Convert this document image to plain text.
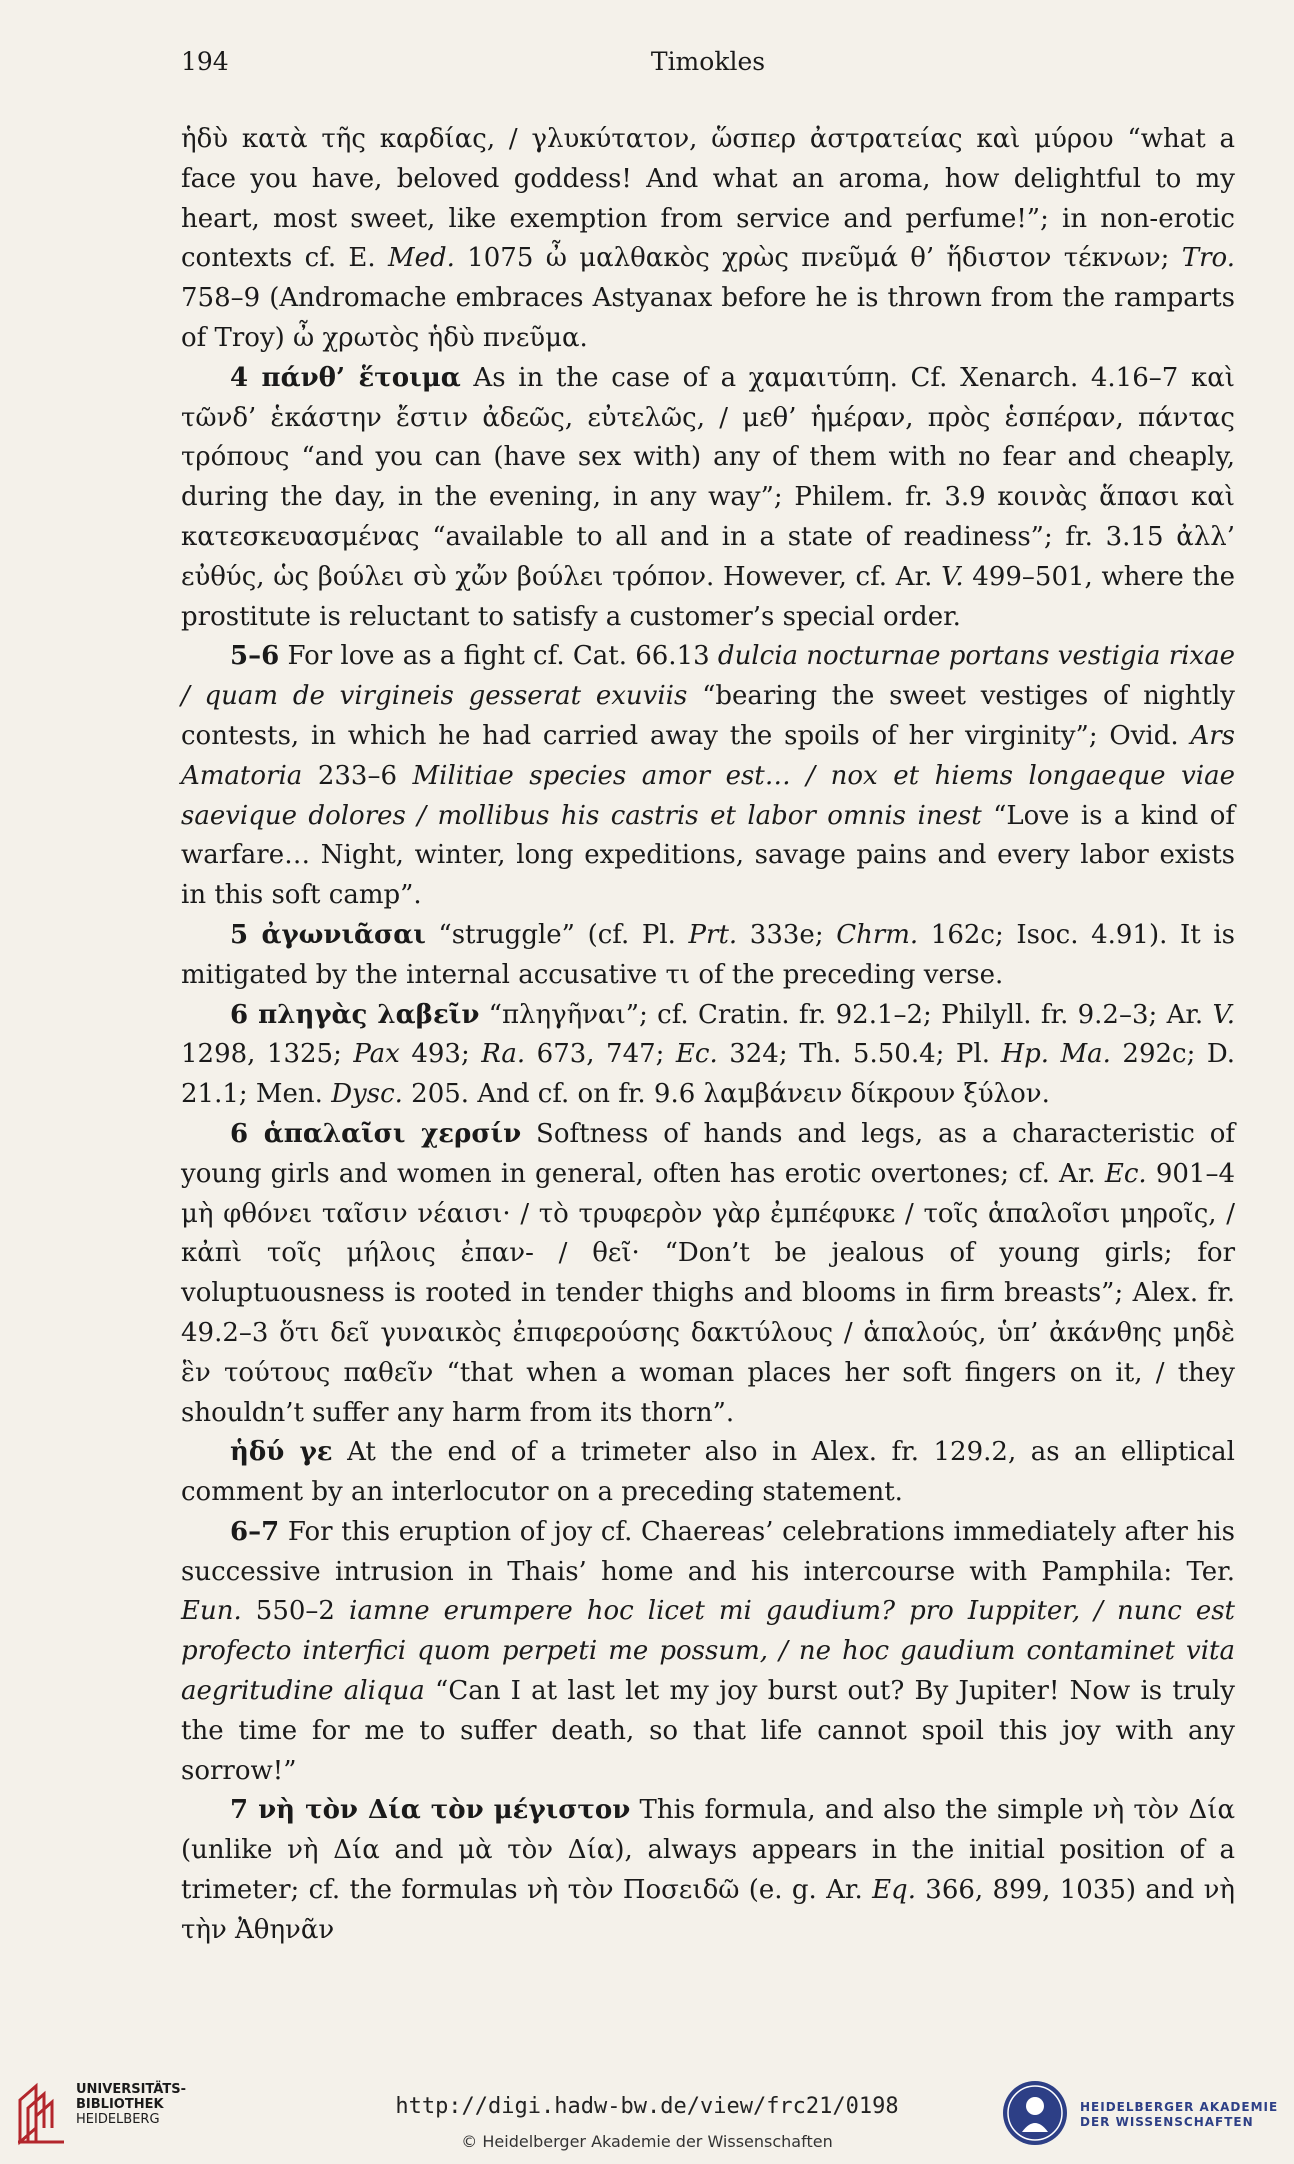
194	Timokles

ἡδὺ κατὰ τῆς καρδίας, / γλυκύτατον, ὥσπερ ἀστρατείας καὶ μύρου “what a face you have, beloved goddess! And what an aroma, how delightful to my heart, most sweet, like exemption from service and perfume!”; in non-erotic contexts cf. E. Med. 1075 ὦ μαλθακὸς χρὼς πνεῦμά θ’ ἥδιστον τέκνων; Tro. 758–9 (Andromache embraces Astyanax before he is thrown from the ramparts of Troy) ὦ χρωτὸς ἡδὺ πνεῦμα.

4 πάνθ’ ἕτοιμα As in the case of a χαμαιτύπη. Cf. Xenarch. 4.16–7 καὶ τῶνδ’ ἑκάστην ἔστιν ἀδεῶς, εὐτελῶς, / μεθ’ ἡμέραν, πρὸς ἑσπέραν, πάντας τρόπους “and you can (have sex with) any of them with no fear and cheaply, during the day, in the evening, in any way”; Philem. fr. 3.9 κοινὰς ἅπασι καὶ κατεσκευασμένας “available to all and in a state of readiness”; fr. 3.15 ἀλλ’ εὐθύς, ὡς βούλει σὺ χὤν βούλει τρόπον. However, cf. Ar. V. 499–501, where the prostitute is reluctant to satisfy a customer’s special order.

5–6 For love as a fight cf. Cat. 66.13 dulcia nocturnae portans vestigia rixae / quam de virgineis gesserat exuviis “bearing the sweet vestiges of nightly contests, in which he had carried away the spoils of her virginity”; Ovid. Ars Amatoria 233–6 Militiae species amor est… / nox et hiems longaeque viae saevique dolores / mollibus his castris et labor omnis inest “Love is a kind of warfare… Night, winter, long expeditions, savage pains and every labor exists in this soft camp”.

5 ἀγωνιᾶσαι “struggle” (cf. Pl. Prt. 333e; Chrm. 162c; Isoc. 4.91). It is mitigated by the internal accusative τι of the preceding verse.

6 πληγὰς λαβεῖν “πληγῆναι”; cf. Cratin. fr. 92.1–2; Philyll. fr. 9.2–3; Ar. V. 1298, 1325; Pax 493; Ra. 673, 747; Ec. 324; Th. 5.50.4; Pl. Hp. Ma. 292c; D. 21.1; Men. Dysc. 205. And cf. on fr. 9.6 λαμβάνειν δίκρουν ξύλον.

6 ἁπαλαῖσι χερσίν Softness of hands and legs, as a characteristic of young girls and women in general, often has erotic overtones; cf. Ar. Ec. 901–4 μὴ φθόνει ταῖσιν νέαισι· / τὸ τρυφερὸν γὰρ ἐμπέφυκε / τοῖς ἁπαλοῖσι μηροῖς, / κἀπὶ τοῖς μήλοις ἐπαν- / θεῖ· “Don’t be jealous of young girls; for voluptuousness is rooted in tender thighs and blooms in firm breasts”; Alex. fr. 49.2–3 ὅτι δεῖ γυναικὸς ἐπιφερούσης δακτύλους / ἁπαλούς, ὑπ’ ἀκάνθης μηδὲ ἓν τούτους παθεῖν “that when a woman places her soft fingers on it, / they shouldn’t suffer any harm from its thorn”.

ἡδύ γε At the end of a trimeter also in Alex. fr. 129.2, as an elliptical comment by an interlocutor on a preceding statement.

6–7 For this eruption of joy cf. Chaereas’ celebrations immediately after his successive intrusion in Thais’ home and his intercourse with Pamphila: Ter. Eun. 550–2 iamne erumpere hoc licet mi gaudium? pro Iuppiter, / nunc est profecto interfici quom perpeti me possum, / ne hoc gaudium contaminet vita aegritudine aliqua “Can I at last let my joy burst out? By Jupiter! Now is truly the time for me to suffer death, so that life cannot spoil this joy with any sorrow!”

7 νὴ τὸν Δία τὸν μέγιστον This formula, and also the simple νὴ τὸν Δία (unlike νὴ Δία and μὰ τὸν Δία), always appears in the initial position of a trimeter; cf. the formulas νὴ τὸν Ποσειδῶ (e. g. Ar. Eq. 366, 899, 1035) and νὴ τὴν Ἀθηνᾶν

UNIVERSITÄTS-
BIBLIOTHEK
HEIDELBERG
http://digi.hadw-bw.de/view/frc21/0198
© Heidelberger Akademie der Wissenschaften
HEIDELBERGER AKADEMIE
DER WISSENSCHAFTEN
